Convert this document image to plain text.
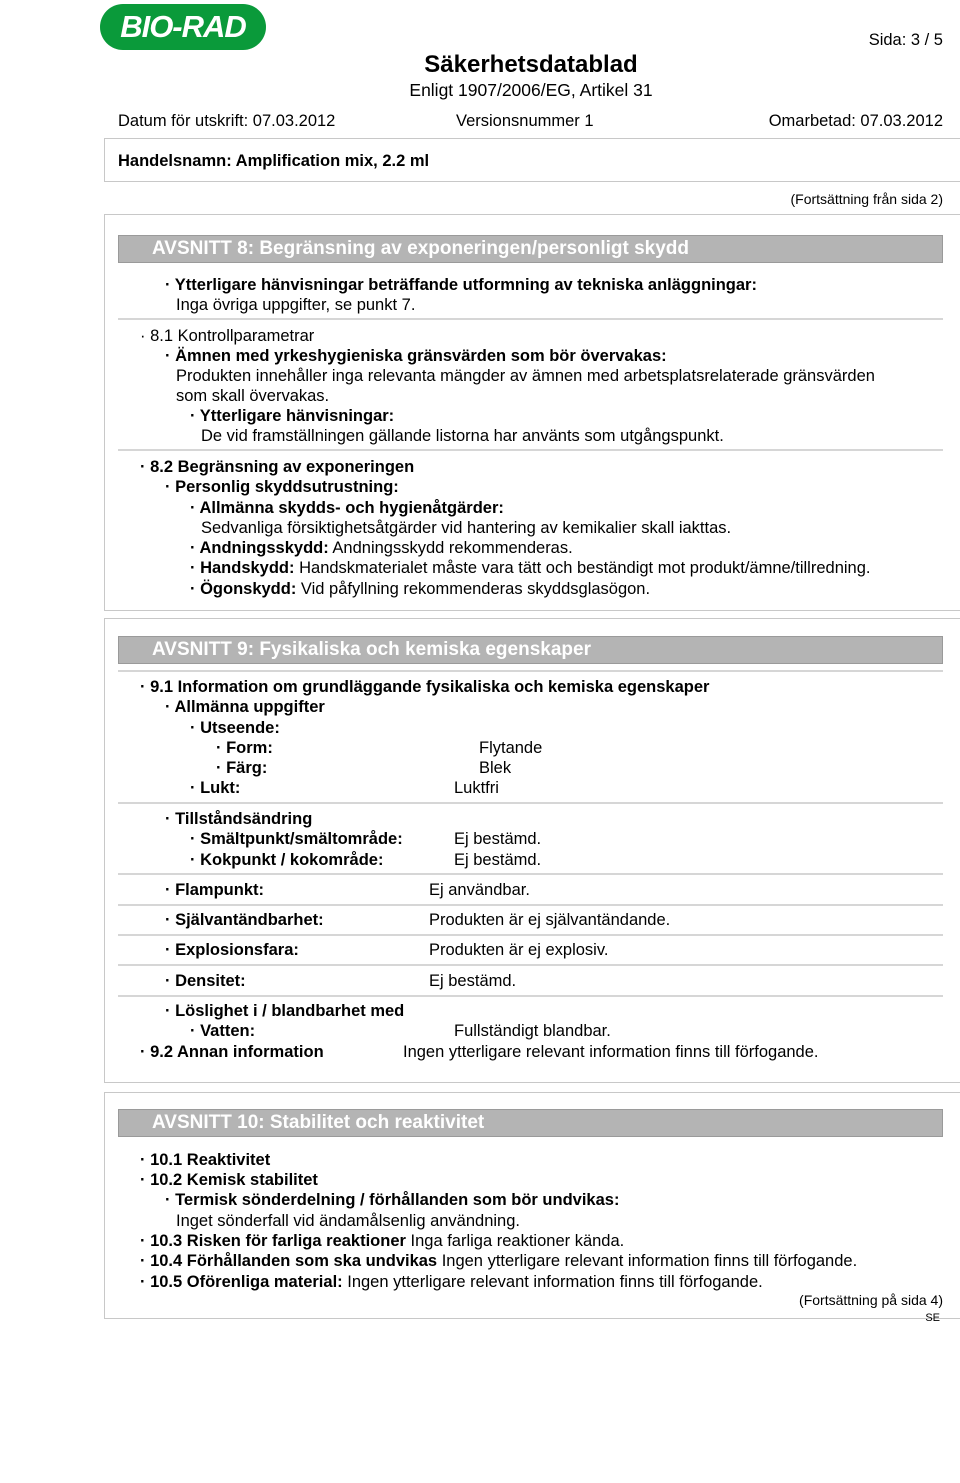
BIO-RAD	Sida: 3 / 5
Säkerhetsdatablad
Enligt 1907/2006/EG, Artikel 31
Datum för utskrift: 07.03.2012	Versionsnummer 1	Omarbetad: 07.03.2012
Handelsnamn: Amplification mix, 2.2 ml
(Fortsättning från sida 2)
AVSNITT 8: Begränsning av exponeringen/personligt skydd
· Ytterligare hänvisningar beträffande utformning av tekniska anläggningar:
Inga övriga uppgifter, se punkt 7.
· 8.1 Kontrollparametrar
· Ämnen med yrkeshygieniska gränsvärden som bör övervakas:
Produkten innehåller inga relevanta mängder av ämnen med arbetsplatsrelaterade gränsvärden
som skall övervakas.
· Ytterligare hänvisningar:
De vid framställningen gällande listorna har använts som utgångspunkt.
· 8.2 Begränsning av exponeringen
· Personlig skyddsutrustning:
· Allmänna skydds- och hygienåtgärder:
Sedvanliga försiktighetsåtgärder vid hantering av kemikalier skall iakttas.
· Andningsskydd: Andningsskydd rekommenderas.
· Handskydd: Handskmaterialet måste vara tätt och beständigt mot produkt/ämne/tillredning.
· Ögonskydd: Vid påfyllning rekommenderas skyddsglasögon.
AVSNITT 9: Fysikaliska och kemiska egenskaper
· 9.1 Information om grundläggande fysikaliska och kemiska egenskaper
· Allmänna uppgifter
· Utseende:
· Form:	Flytande
· Färg:	Blek
· Lukt:	Luktfri
· Tillståndsändring
· Smältpunkt/smältområde:	Ej bestämd.
· Kokpunkt / kokområde:	Ej bestämd.
· Flampunkt:	Ej användbar.
· Självantändbarhet:	Produkten är ej självantändande.
· Explosionsfara:	Produkten är ej explosiv.
· Densitet:	Ej bestämd.
· Löslighet i / blandbarhet med
· Vatten:	Fullständigt blandbar.
· 9.2 Annan information	Ingen ytterligare relevant information finns till förfogande.
AVSNITT 10: Stabilitet och reaktivitet
· 10.1 Reaktivitet
· 10.2 Kemisk stabilitet
· Termisk sönderdelning / förhållanden som bör undvikas:
Inget sönderfall vid ändamålsenlig användning.
· 10.3 Risken för farliga reaktioner Inga farliga reaktioner kända.
· 10.4 Förhållanden som ska undvikas Ingen ytterligare relevant information finns till förfogande.
· 10.5 Oförenliga material: Ingen ytterligare relevant information finns till förfogande.
(Fortsättning på sida 4)
SE
